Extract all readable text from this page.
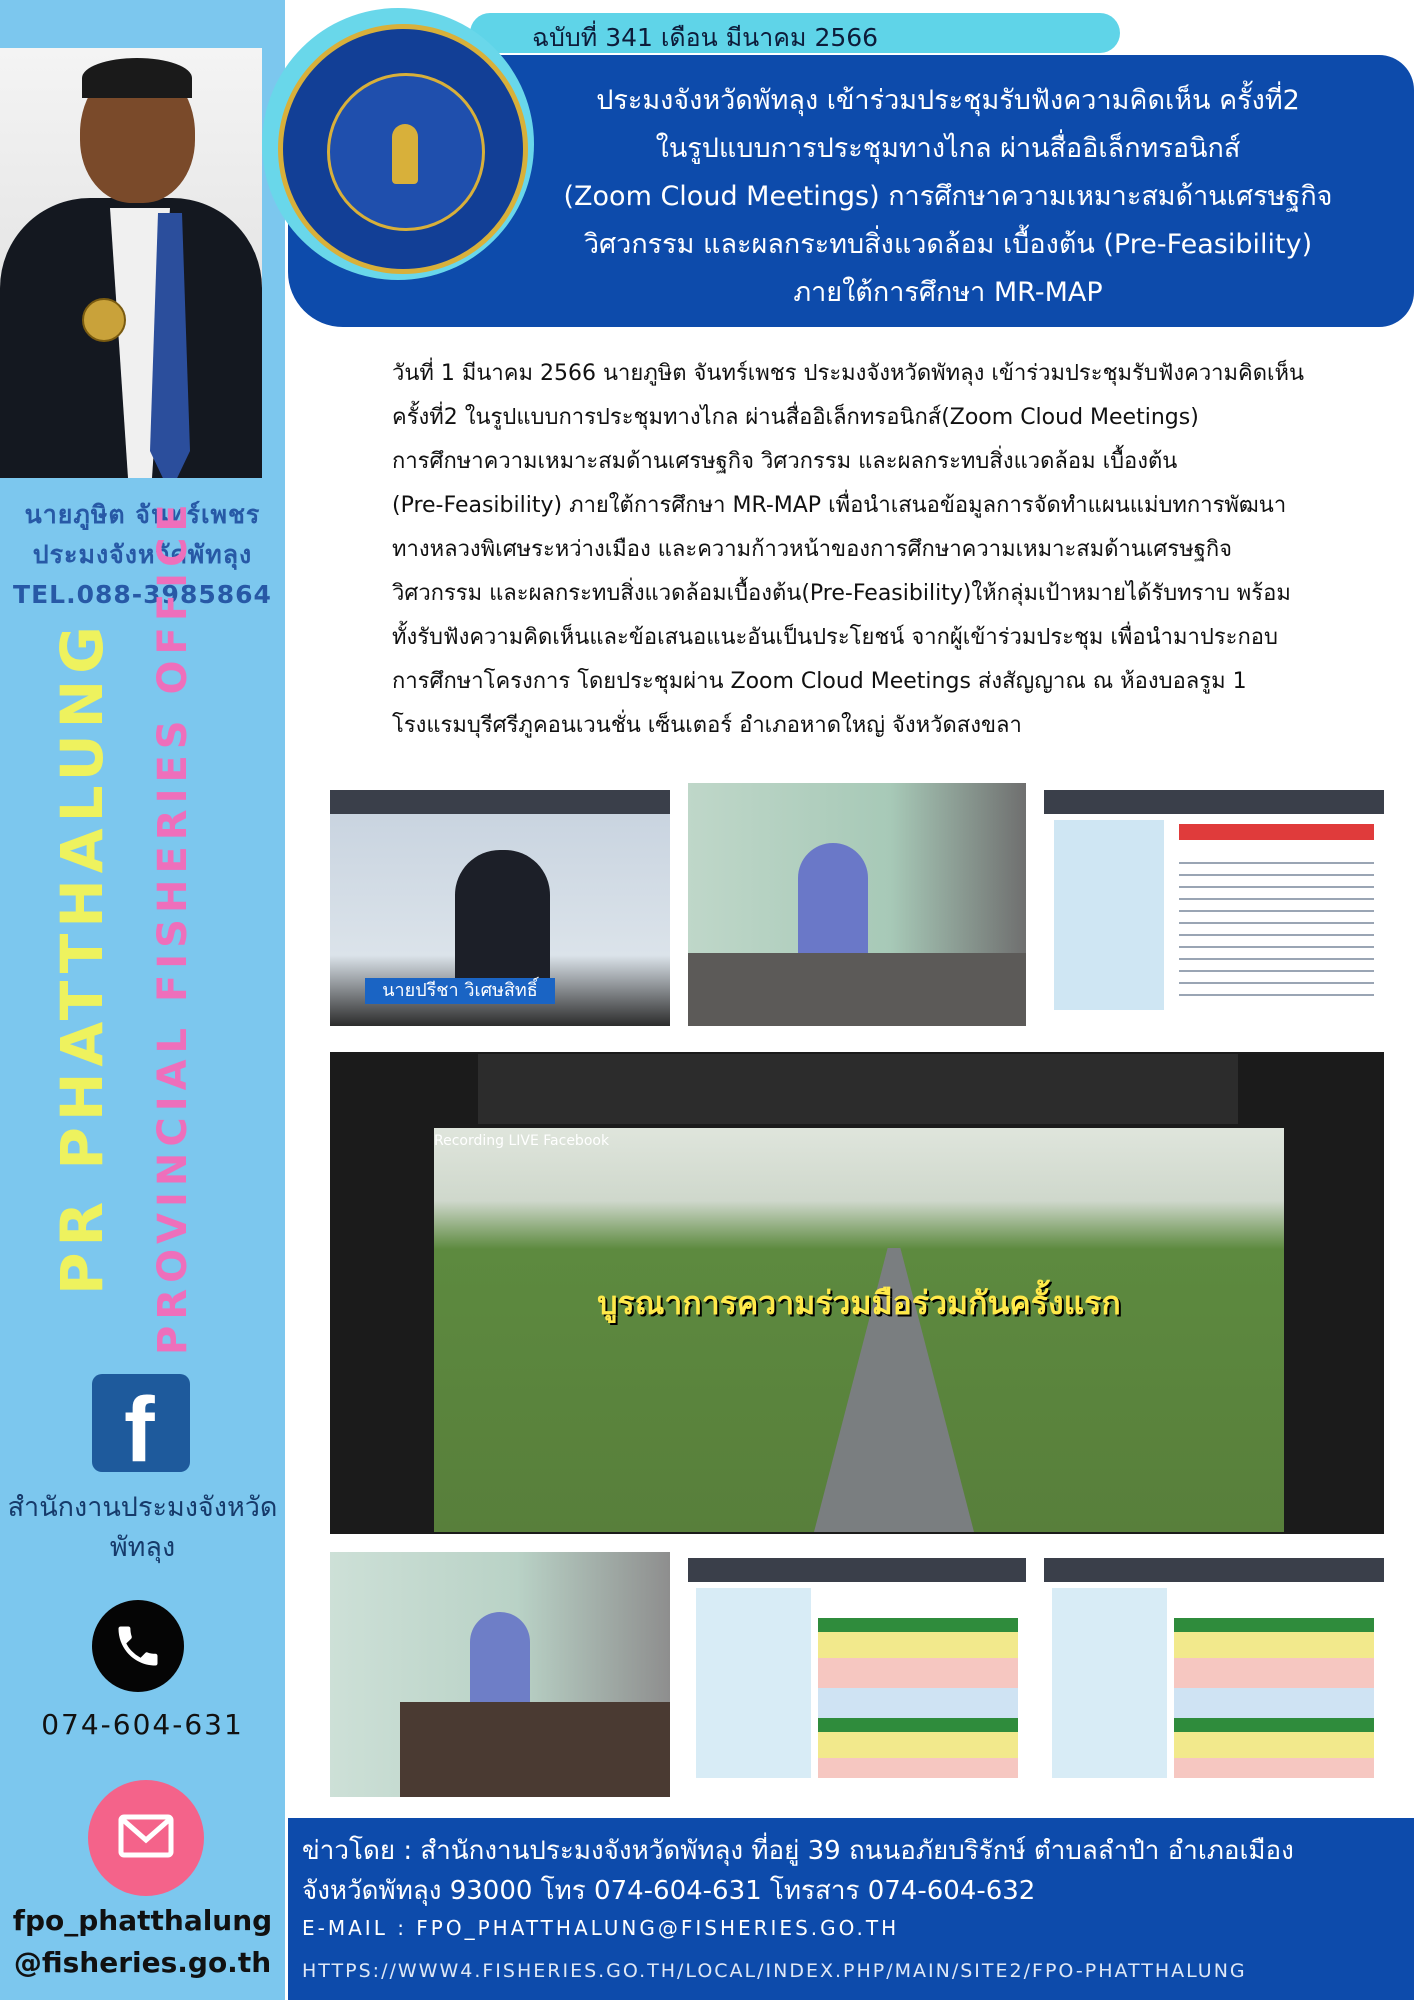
นายภูษิต จันทร์เพชร
ประมงจังหวัดพัทลุง
TEL.088-3985864
PR PHATTHALUNG PROVINCIAL FISHERIES OFFICE
f
สำนักงานประมงจังหวัดพัทลุง
074-604-631
fpo_phatthalung
@fisheries.go.th
ฉบับที่ 341 เดือน มีนาคม 2566
ประมงจังหวัดพัทลุง เข้าร่วมประชุมรับฟังความคิดเห็น ครั้งที่2
ในรูปแบบการประชุมทางไกล ผ่านสื่ออิเล็กทรอนิกส์
(Zoom Cloud Meetings) การศึกษาความเหมาะสมด้านเศรษฐกิจ
วิศวกรรม และผลกระทบสิ่งแวดล้อม เบื้องต้น (Pre-Feasibility)
ภายใต้การศึกษา MR-MAP

วันที่ 1 มีนาคม 2566 นายภูษิต จันทร์เพชร ประมงจังหวัดพัทลุง เข้าร่วมประชุมรับฟังความคิดเห็น

ครั้งที่2 ในรูปแบบการประชุมทางไกล ผ่านสื่ออิเล็กทรอนิกส์(Zoom Cloud Meetings)

การศึกษาความเหมาะสมด้านเศรษฐกิจ วิศวกรรม และผลกระทบสิ่งแวดล้อม เบื้องต้น

(Pre-Feasibility) ภายใต้การศึกษา MR-MAP เพื่อนำเสนอข้อมูลการจัดทำแผนแม่บทการพัฒนา

ทางหลวงพิเศษระหว่างเมือง และความก้าวหน้าของการศึกษาความเหมาะสมด้านเศรษฐกิจ

วิศวกรรม และผลกระทบสิ่งแวดล้อมเบื้องต้น(Pre-Feasibility)ให้กลุ่มเป้าหมายได้รับทราบ พร้อม

ทั้งรับฟังความคิดเห็นและข้อเสนอแนะอันเป็นประโยชน์ จากผู้เข้าร่วมประชุม เพื่อนำมาประกอบ

การศึกษาโครงการ โดยประชุมผ่าน Zoom Cloud Meetings ส่งสัญญาณ ณ ห้องบอลรูม 1

โรงแรมบุรีศรีภูคอนเวนชั่น เซ็นเตอร์ อำเภอหาดใหญ่ จังหวัดสงขลา

นายปรีชา วิเศษสิทธิ์
บูรณาการความร่วมมือร่วมกันครั้งแรก
Recording LIVE Facebook
ข่าวโดย : สำนักงานประมงจังหวัดพัทลุง ที่อยู่ 39 ถนนอภัยบริรักษ์ ตำบลลำปำ อำเภอเมือง
จังหวัดพัทลุง 93000 โทร 074-604-631 โทรสาร 074-604-632
E-MAIL : FPO_PHATTHALUNG@FISHERIES.GO.TH
HTTPS://WWW4.FISHERIES.GO.TH/LOCAL/INDEX.PHP/MAIN/SITE2/FPO-PHATTHALUNG
